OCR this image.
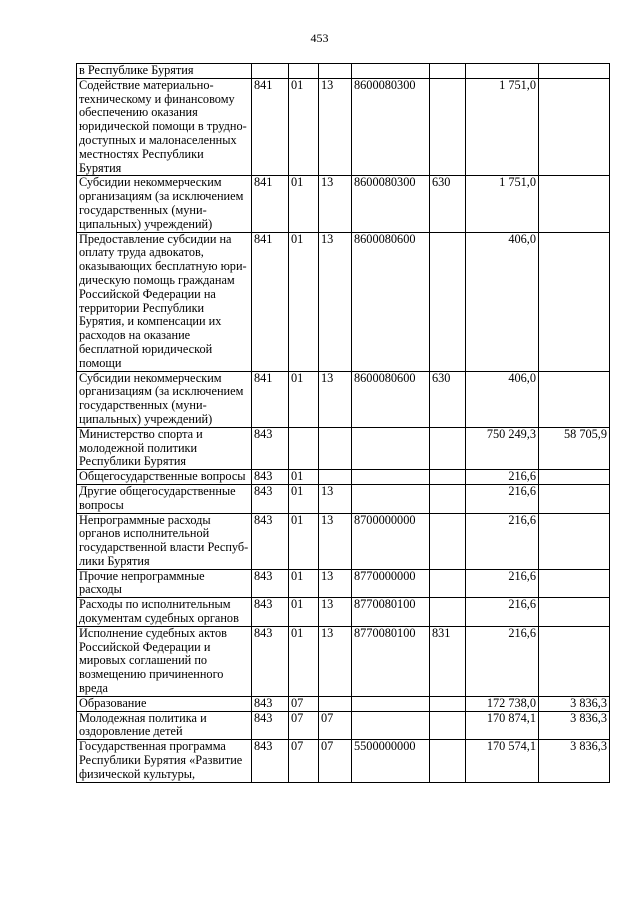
453
в Республике Бурятия							
Содействие материально-техническому и финансовому обеспечению оказания юридической помощи в трудно-доступных и малонаселенных местностях Республики Бурятия	841	01	13	8600080300		1 751,0	
Субсидии некоммерческим организациям (за исключением государственных (муни-ципальных) учреждений)	841	01	13	8600080300	630	1 751,0	
Предоставление субсидии на оплату труда адвокатов, оказывающих бесплатную юри-дическую помощь гражданам Российской Федерации на территории Республики Бурятия, и компенсации их расходов на оказание бесплатной юридической помощи	841	01	13	8600080600		406,0	
Субсидии некоммерческим организациям (за исключением государственных (муни-ципальных) учреждений)	841	01	13	8600080600	630	406,0	
Министерство спорта и молодежной политики Республики Бурятия	843					750 249,3	58 705,9
Общегосударственные вопросы	843	01				216,6	
Другие общегосударственные вопросы	843	01	13			216,6	
Непрограммные расходы органов исполнительной государственной власти Респуб-лики Бурятия	843	01	13	8700000000		216,6	
Прочие непрограммные расходы	843	01	13	8770000000		216,6	
Расходы по исполнительным документам судебных органов	843	01	13	8770080100		216,6	
Исполнение судебных актов Российской Федерации и мировых соглашений по возмещению причиненного вреда	843	01	13	8770080100	831	216,6	
Образование	843	07				172 738,0	3 836,3
Молодежная политика и оздоровление детей	843	07	07			170 874,1	3 836,3
Государственная программа Республики Бурятия «Развитие физической культуры,	843	07	07	5500000000		170 574,1	3 836,3
